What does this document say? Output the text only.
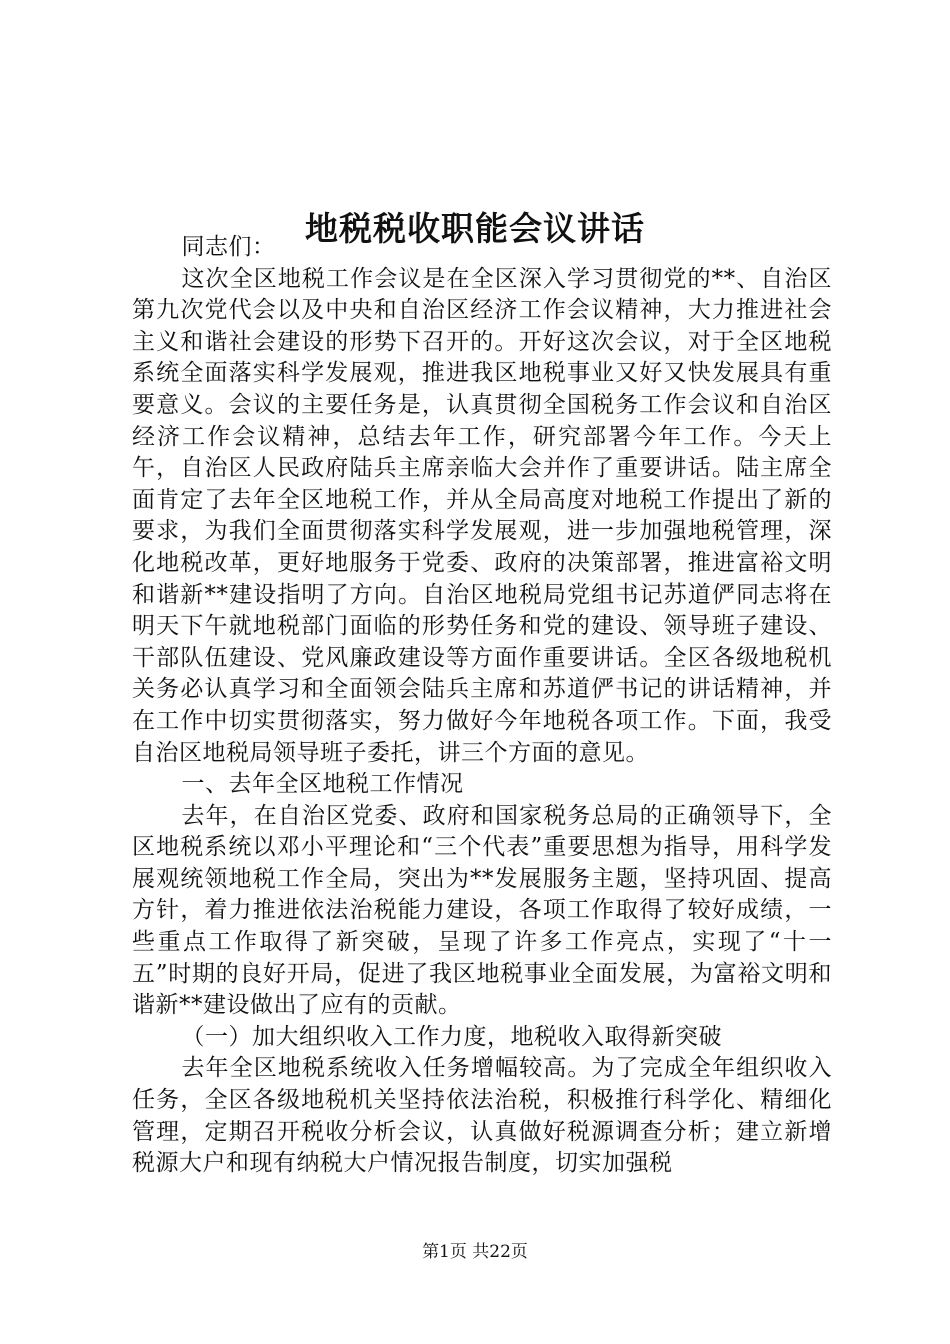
地税税收职能会议讲话

同志们：

这次全区地税工作会议是在全区深入学习贯彻党的**、自治区第九次党代会以及中央和自治区经济工作会议精神，大力推进社会主义和谐社会建设的形势下召开的。开好这次会议，对于全区地税系统全面落实科学发展观，推进我区地税事业又好又快发展具有重要意义。会议的主要任务是，认真贯彻全国税务工作会议和自治区经济工作会议精神，总结去年工作，研究部署今年工作。今天上午，自治区人民政府陆兵主席亲临大会并作了重要讲话。陆主席全面肯定了去年全区地税工作，并从全局高度对地税工作提出了新的要求，为我们全面贯彻落实科学发展观，进一步加强地税管理，深化地税改革，更好地服务于党委、政府的决策部署，推进富裕文明和谐新**建设指明了方向。自治区地税局党组书记苏道俨同志将在明天下午就地税部门面临的形势任务和党的建设、领导班子建设、干部队伍建设、党风廉政建设等方面作重要讲话。全区各级地税机关务必认真学习和全面领会陆兵主席和苏道俨书记的讲话精神，并在工作中切实贯彻落实，努力做好今年地税各项工作。下面，我受自治区地税局领导班子委托，讲三个方面的意见。

一、去年全区地税工作情况

去年，在自治区党委、政府和国家税务总局的正确领导下，全区地税系统以邓小平理论和“三个代表”重要思想为指导，用科学发展观统领地税工作全局，突出为**发展服务主题，坚持巩固、提高方针，着力推进依法治税能力建设，各项工作取得了较好成绩，一些重点工作取得了新突破，呈现了许多工作亮点，实现了“十一五”时期的良好开局，促进了我区地税事业全面发展，为富裕文明和谐新**建设做出了应有的贡献。

（一）加大组织收入工作力度，地税收入取得新突破

去年全区地税系统收入任务增幅较高。为了完成全年组织收入任务，全区各级地税机关坚持依法治税，积极推行科学化、精细化管理，定期召开税收分析会议，认真做好税源调查分析；建立新增税源大户和现有纳税大户情况报告制度，切实加强税

第1页 共22页
